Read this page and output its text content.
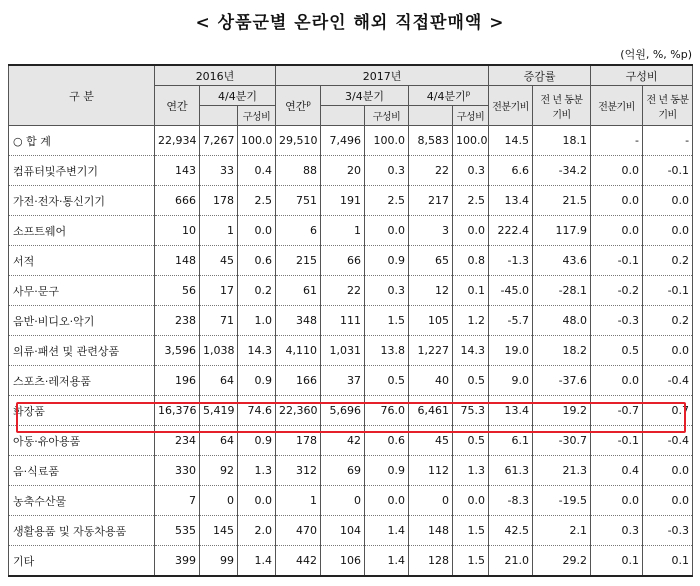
< 상품군별 온라인 해외 직접판매액 >
(억원, %, %p)
구 분	2016년			2017년					증감률		구성비	
	연간	4/4분기		연간$^p$	3/4분기		4/4분기$^p$		전분기비	전 년 동분기비	전분기비	전 년 동분기비
			구성비			구성비		구성비				
○ 합 계	22,934	7,267	100.0	29,510	7,496	100.0	8,583	100.0	14.5	18.1	-	-
컴퓨터및주변기기	143	33	0.4	88	20	0.3	22	0.3	6.6	-34.2	0.0	-0.1
가전·전자·통신기기	666	178	2.5	751	191	2.5	217	2.5	13.4	21.5	0.0	0.0
소프트웨어	10	1	0.0	6	1	0.0	3	0.0	222.4	117.9	0.0	0.0
서적	148	45	0.6	215	66	0.9	65	0.8	-1.3	43.6	-0.1	0.2
사무·문구	56	17	0.2	61	22	0.3	12	0.1	-45.0	-28.1	-0.2	-0.1
음반·비디오·악기	238	71	1.0	348	111	1.5	105	1.2	-5.7	48.0	-0.3	0.2
의류·패션 및 관련상품	3,596	1,038	14.3	4,110	1,031	13.8	1,227	14.3	19.0	18.2	0.5	0.0
스포츠·레저용품	196	64	0.9	166	37	0.5	40	0.5	9.0	-37.6	0.0	-0.4
화장품	16,376	5,419	74.6	22,360	5,696	76.0	6,461	75.3	13.4	19.2	-0.7	0.7
아동·유아용품	234	64	0.9	178	42	0.6	45	0.5	6.1	-30.7	-0.1	-0.4
음·식료품	330	92	1.3	312	69	0.9	112	1.3	61.3	21.3	0.4	0.0
농축수산물	7	0	0.0	1	0	0.0	0	0.0	-8.3	-19.5	0.0	0.0
생활용품 및 자동차용품	535	145	2.0	470	104	1.4	148	1.5	42.5	2.1	0.3	-0.3
기타	399	99	1.4	442	106	1.4	128	1.5	21.0	29.2	0.1	0.1
